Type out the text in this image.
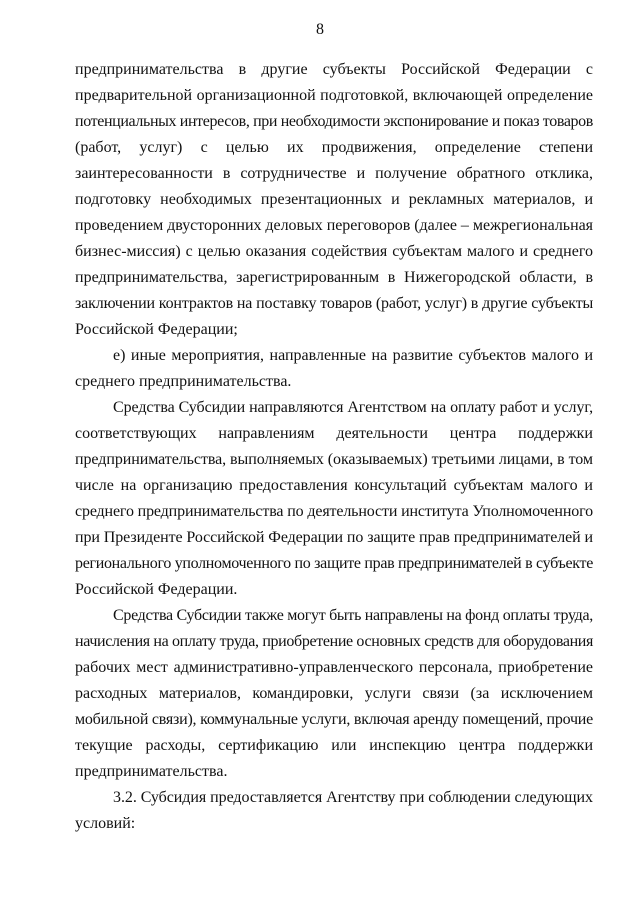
8
предпринимательства в другие субъекты Российской Федерации с
предварительной организационной подготовкой, включающей определение
потенциальных интересов, при необходимости экспонирование и показ товаров
(работ, услуг) с целью их продвижения, определение степени
заинтересованности в сотрудничестве и получение обратного отклика,
подготовку необходимых презентационных и рекламных материалов, и
проведением двусторонних деловых переговоров (далее – межрегиональная
бизнес-миссия) с целью оказания содействия субъектам малого и среднего
предпринимательства, зарегистрированным в Нижегородской области, в
заключении контрактов на поставку товаров (работ, услуг) в другие субъекты
Российской Федерации;
е) иные мероприятия, направленные на развитие субъектов малого и
среднего предпринимательства.
Средства Субсидии направляются Агентством на оплату работ и услуг,
соответствующих направлениям деятельности центра поддержки
предпринимательства, выполняемых (оказываемых) третьими лицами, в том
числе на организацию предоставления консультаций субъектам малого и
среднего предпринимательства по деятельности института Уполномоченного
при Президенте Российской Федерации по защите прав предпринимателей и
регионального уполномоченного по защите прав предпринимателей в субъекте
Российской Федерации.
Средства Субсидии также могут быть направлены на фонд оплаты труда,
начисления на оплату труда, приобретение основных средств для оборудования
рабочих мест административно-управленческого персонала, приобретение
расходных материалов, командировки, услуги связи (за исключением
мобильной связи), коммунальные услуги, включая аренду помещений, прочие
текущие расходы, сертификацию или инспекцию центра поддержки
предпринимательства.
3.2. Субсидия предоставляется Агентству при соблюдении следующих
условий:
